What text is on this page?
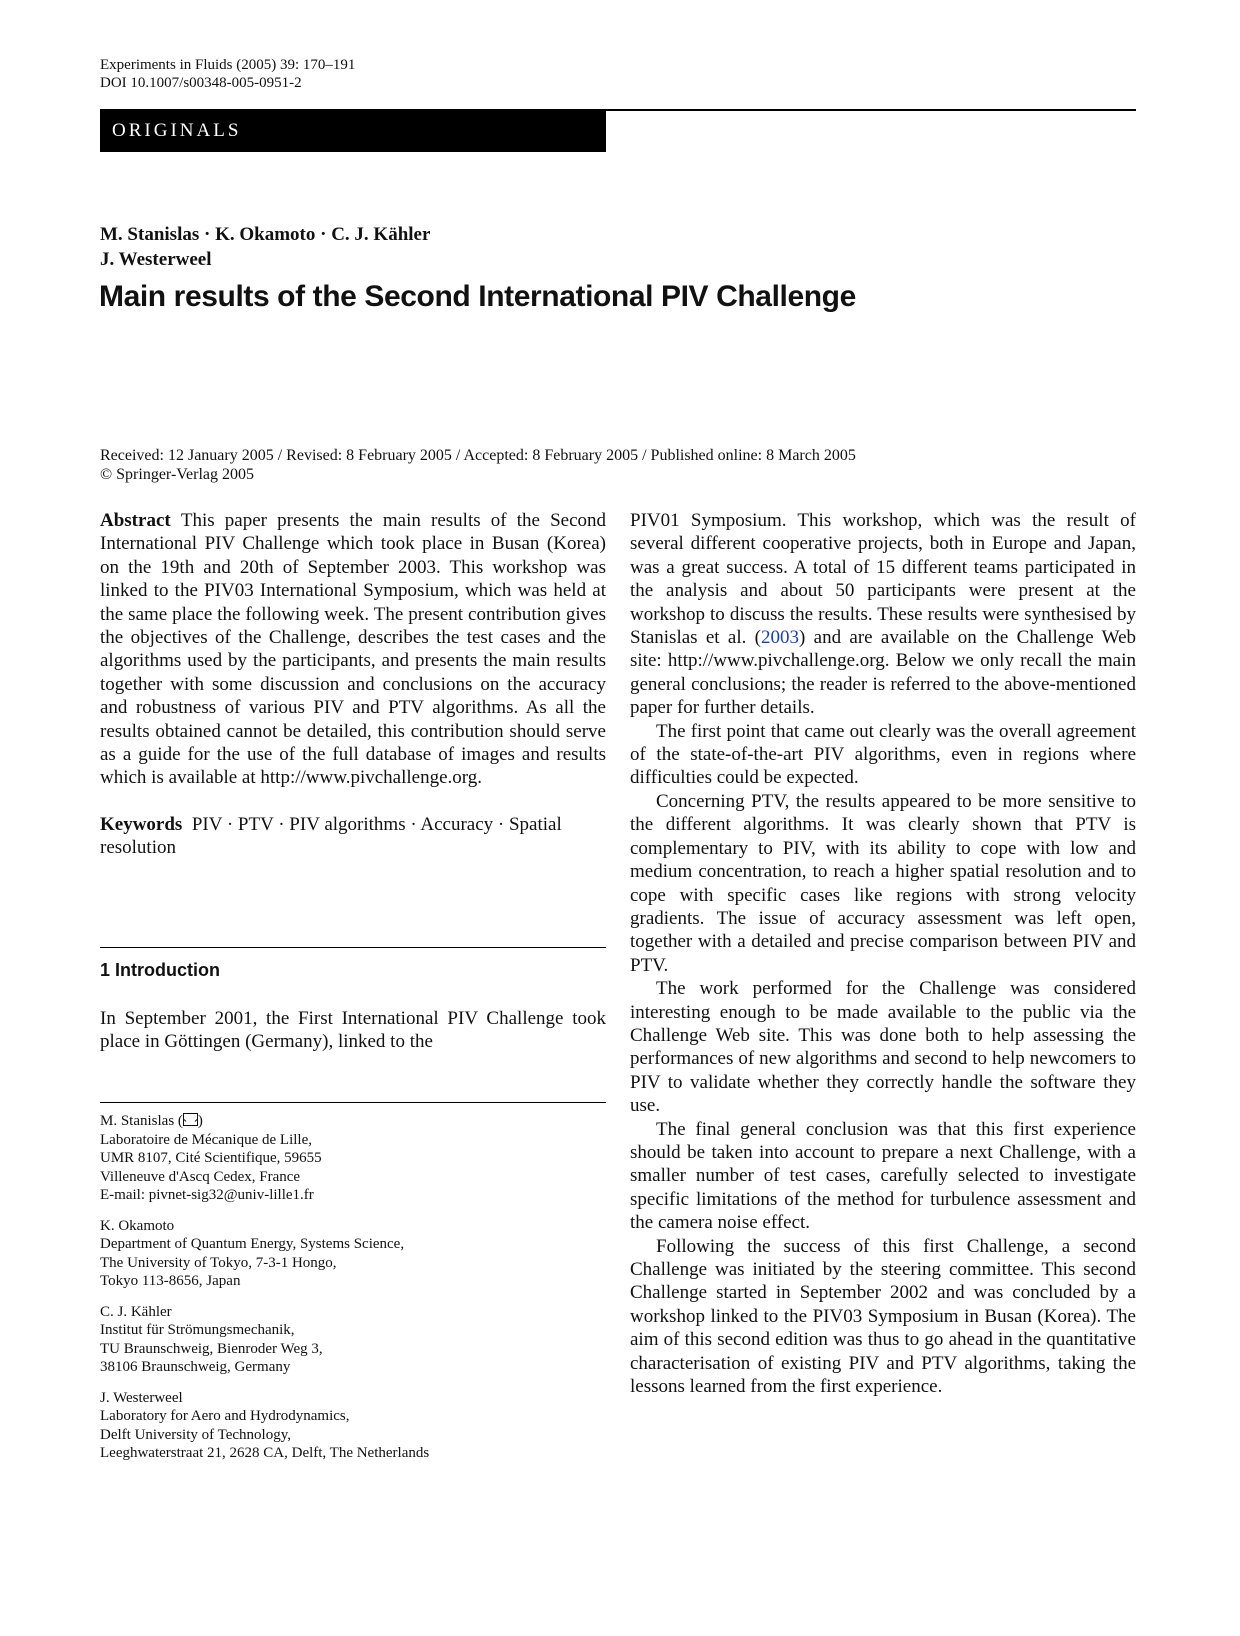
Experiments in Fluids (2005) 39: 170–191
DOI 10.1007/s00348-005-0951-2
ORIGINALS
M. Stanislas · K. Okamoto · C. J. Kähler
J. Westerweel
Main results of the Second International PIV Challenge
Received: 12 January 2005 / Revised: 8 February 2005 / Accepted: 8 February 2005 / Published online: 8 March 2005
© Springer-Verlag 2005

Abstract This paper presents the main results of the Second International PIV Challenge which took place in Busan (Korea) on the 19th and 20th of September 2003. This workshop was linked to the PIV03 International Symposium, which was held at the same place the following week. The present contribution gives the objectives of the Challenge, describes the test cases and the algorithms used by the participants, and presents the main results together with some discussion and conclusions on the accuracy and robustness of various PIV and PTV algorithms. As all the results obtained cannot be detailed, this contribution should serve as a guide for the use of the full database of images and results which is available at http://www.pivchallenge.org.

Keywords PIV · PTV · PIV algorithms · Accuracy · Spatial resolution

1 Introduction

In September 2001, the First International PIV Challenge took place in Göttingen (Germany), linked to the

M. Stanislas ( )
Laboratoire de Mécanique de Lille,
UMR 8107, Cité Scientifique, 59655
Villeneuve d'Ascq Cedex, France
E-mail: pivnet-sig32@univ-lille1.fr
K. Okamoto
Department of Quantum Energy, Systems Science,
The University of Tokyo, 7-3-1 Hongo,
Tokyo 113-8656, Japan
C. J. Kähler
Institut für Strömungsmechanik,
TU Braunschweig, Bienroder Weg 3,
38106 Braunschweig, Germany
J. Westerweel
Laboratory for Aero and Hydrodynamics,
Delft University of Technology,
Leeghwaterstraat 21, 2628 CA, Delft, The Netherlands

PIV01 Symposium. This workshop, which was the result of several different cooperative projects, both in Europe and Japan, was a great success. A total of 15 different teams participated in the analysis and about 50 participants were present at the workshop to discuss the results. These results were synthesised by Stanislas et al. (2003) and are available on the Challenge Web site: http://www.pivchallenge.org. Below we only recall the main general conclusions; the reader is referred to the above-mentioned paper for further details.

The first point that came out clearly was the overall agreement of the state-of-the-art PIV algorithms, even in regions where difficulties could be expected.

Concerning PTV, the results appeared to be more sensitive to the different algorithms. It was clearly shown that PTV is complementary to PIV, with its ability to cope with low and medium concentration, to reach a higher spatial resolution and to cope with specific cases like regions with strong velocity gradients. The issue of accuracy assessment was left open, together with a detailed and precise comparison between PIV and PTV.

The work performed for the Challenge was considered interesting enough to be made available to the public via the Challenge Web site. This was done both to help assessing the performances of new algorithms and second to help newcomers to PIV to validate whether they correctly handle the software they use.

The final general conclusion was that this first experience should be taken into account to prepare a next Challenge, with a smaller number of test cases, carefully selected to investigate specific limitations of the method for turbulence assessment and the camera noise effect.

Following the success of this first Challenge, a second Challenge was initiated by the steering committee. This second Challenge started in September 2002 and was concluded by a workshop linked to the PIV03 Symposium in Busan (Korea). The aim of this second edition was thus to go ahead in the quantitative characterisation of existing PIV and PTV algorithms, taking the lessons learned from the first experience.
